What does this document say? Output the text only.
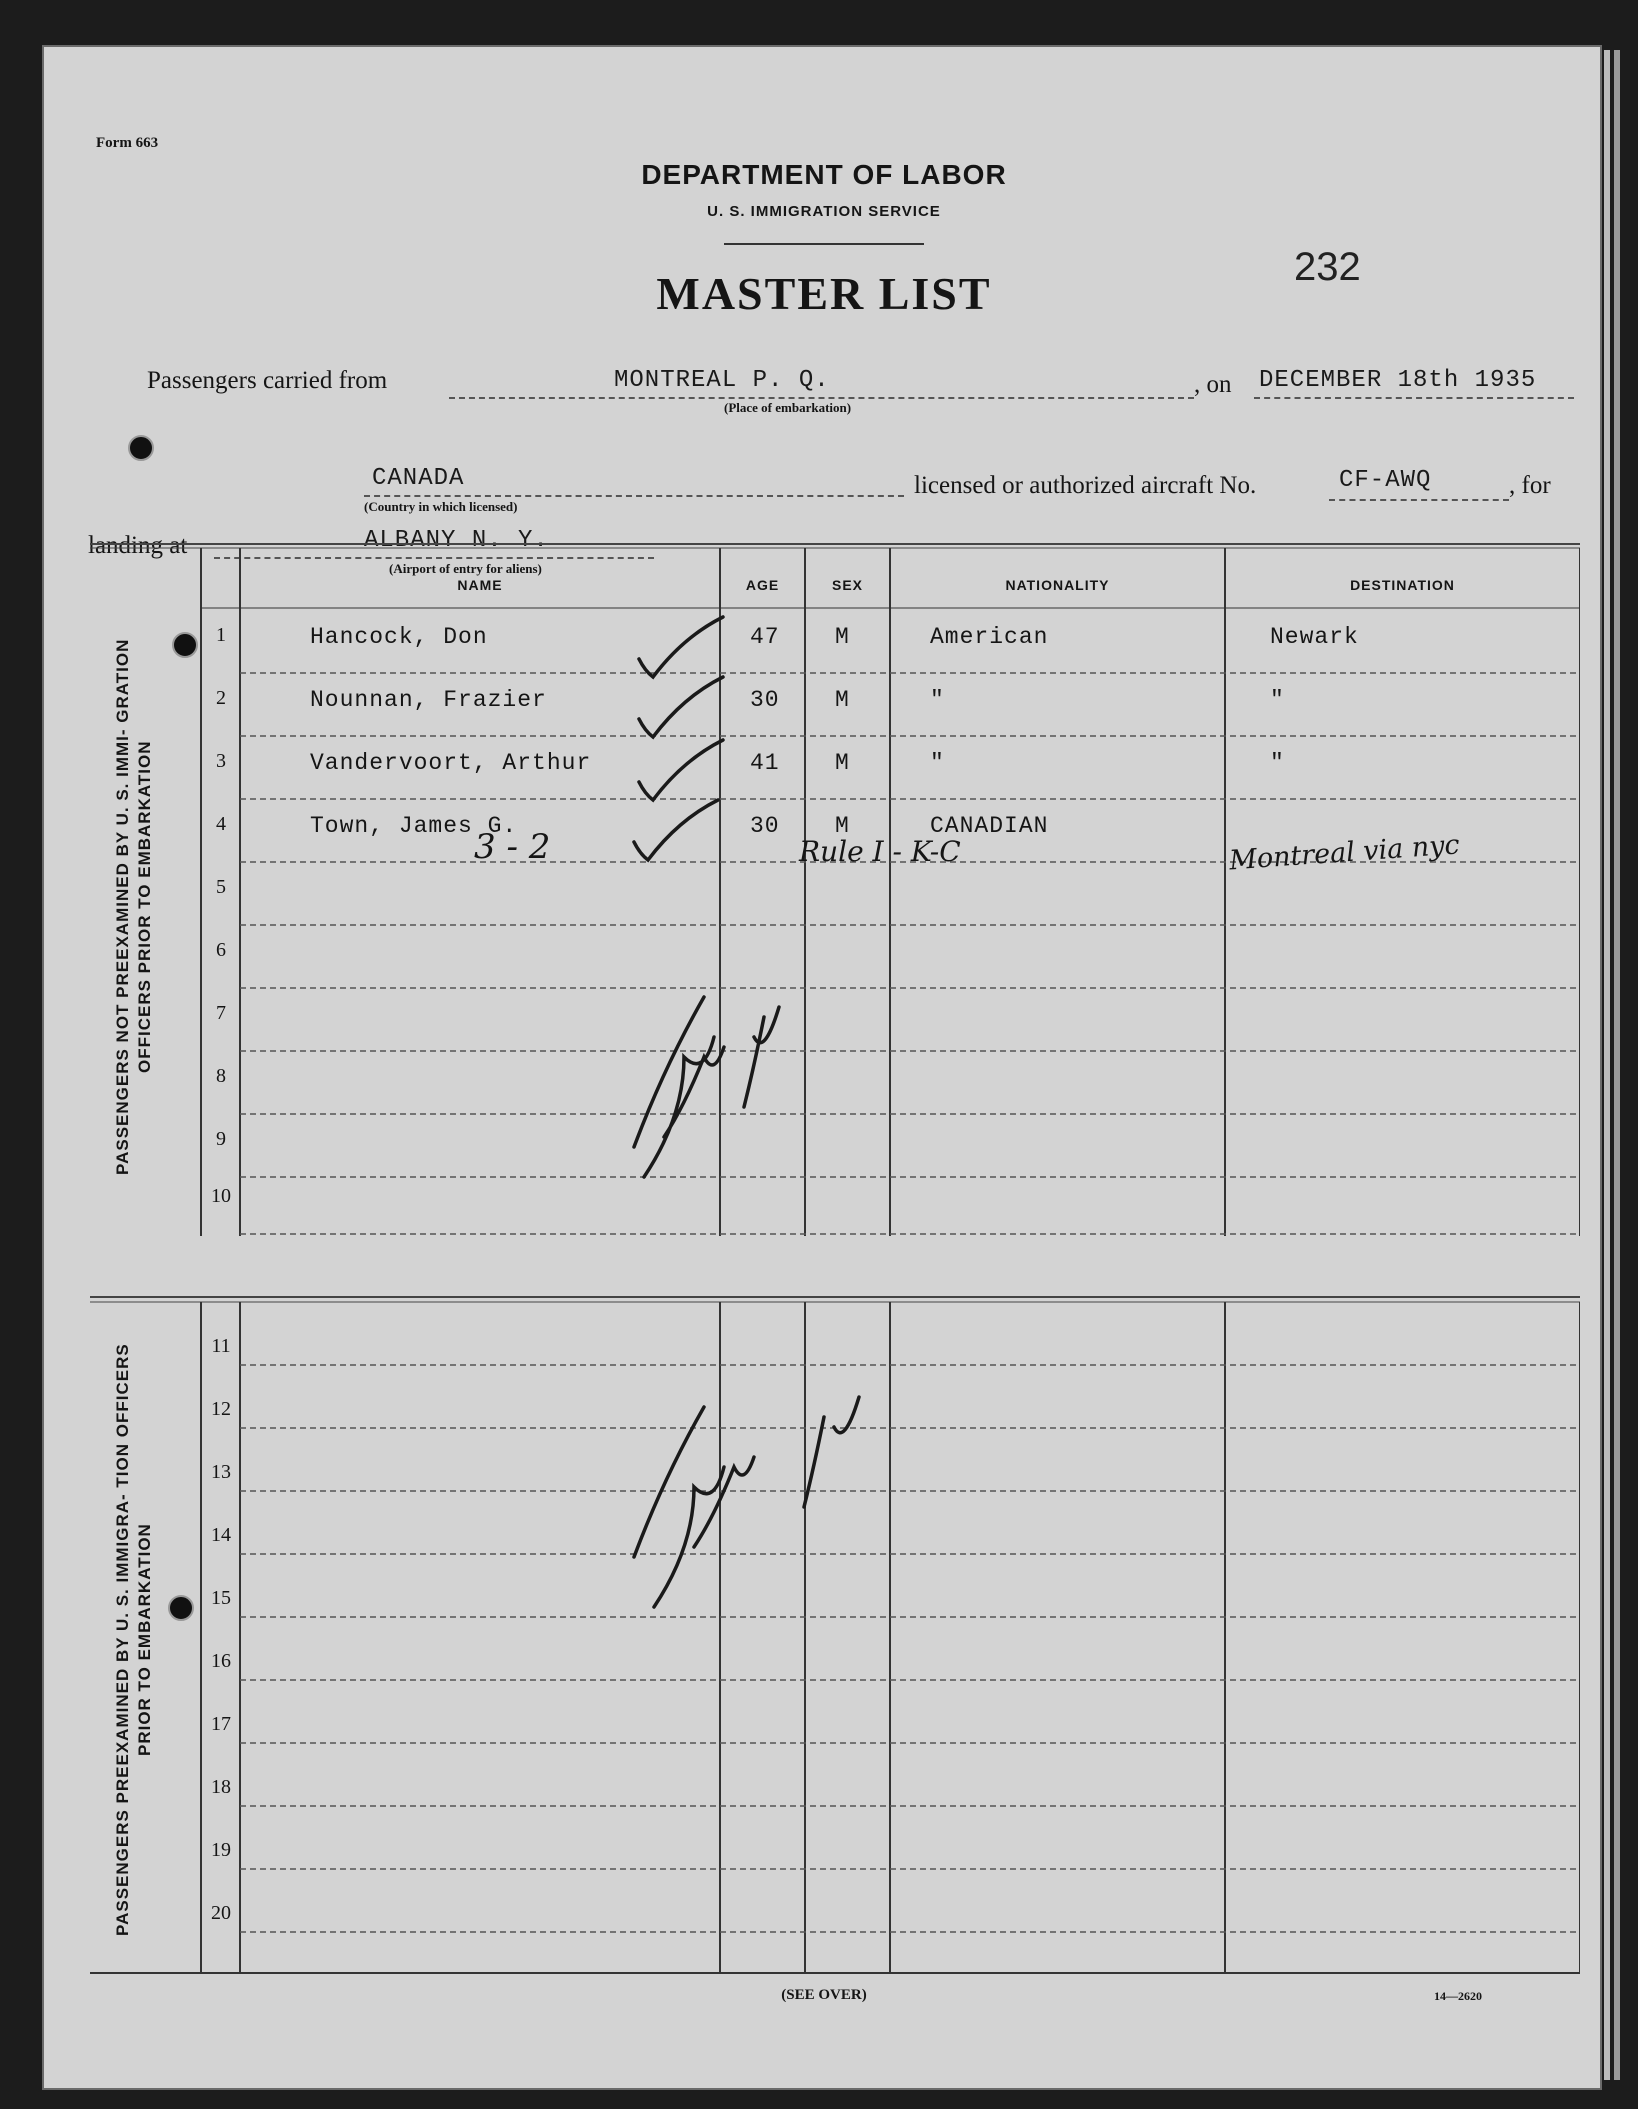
Form 663
DEPARTMENT OF LABOR
U. S. IMMIGRATION SERVICE
MASTER LIST
232
Passengers carried from	MONTREAL P. Q.
(Place of embarkation)
, on DECEMBER 18th 1935
CANADA
(Country in which licensed)
licensed or authorized aircraft No.	CF-AWQ	, for
landing at	ALBANY N. Y.
(Airport of entry for aliens)
PASSENGERS NOT PREEXAMINED BY U. S. IMMI- GRATION OFFICERS PRIOR TO EMBARKATION
NAME	AGE	SEX	NATIONALITY	DESTINATION
1	Hancock, Don	47 M	American	Newark
2	Nounnan, Frazier	30 M	"	"
3	Vandervoort, Arthur	41 M	"	"
4	Town, James G.	30 M	CANADIAN
5
6
7
8
9
10
PASSENGERS PREEXAMINED BY U. S. IMMIGRA- TION OFFICERS PRIOR TO EMBARKATION
11
12
13
14
15
16
17
18
19
20
(SEE OVER)	14—2620
3 - 2	Rule I - K-C	Montreal via nyc
